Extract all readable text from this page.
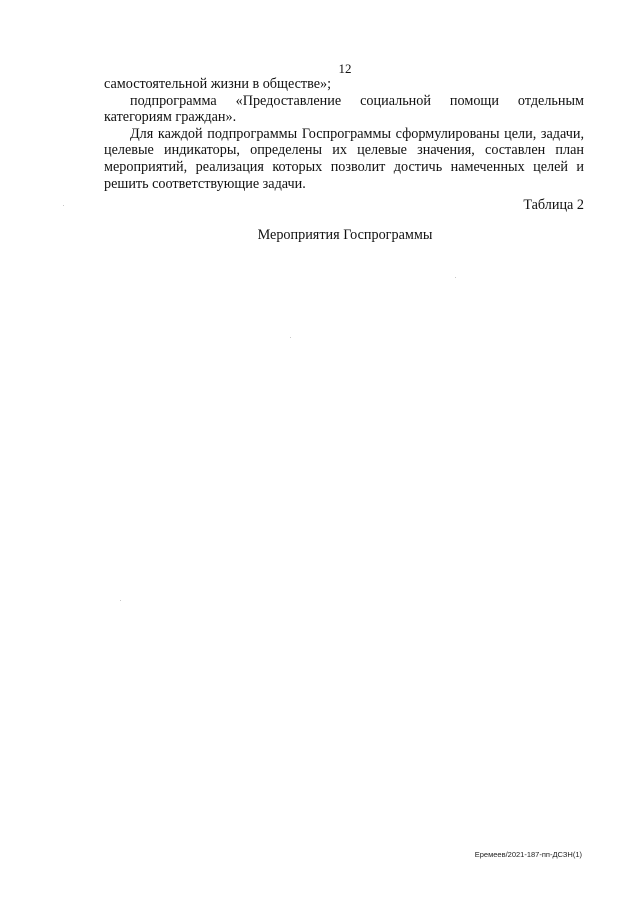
12

самостоятельной жизни в обществе»;

подпрограмма «Предоставление социальной помощи отдельным категориям граждан».

Для каждой подпрограммы Госпрограммы сформулированы цели, задачи, целевые индикаторы, определены их целевые значения, составлен план мероприятий, реализация которых позволит достичь намеченных целей и решить соответствующие задачи.

Таблица 2
Мероприятия Госпрограммы
Еремеев/2021-187-пп-ДСЗН(1)
